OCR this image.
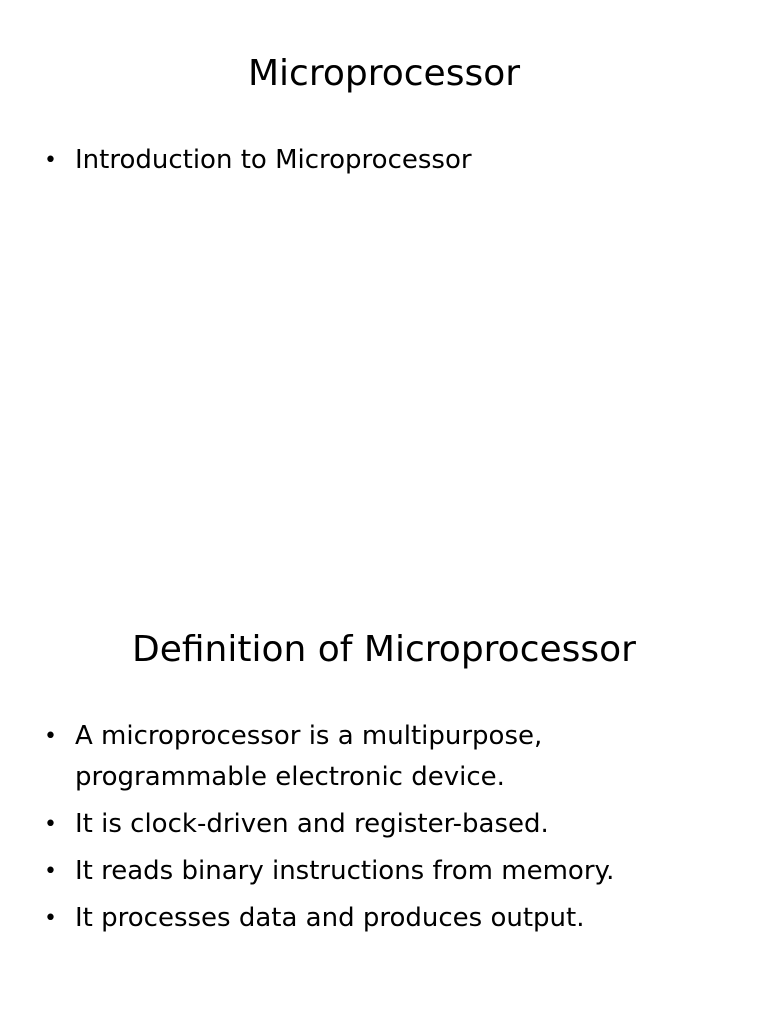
Microprocessor
• Introduction to Microprocessor
Definition of Microprocessor
• A microprocessor is a multipurpose, programmable electronic device.
• It is clock-driven and register-based.
• It reads binary instructions from memory.
• It processes data and produces output.
